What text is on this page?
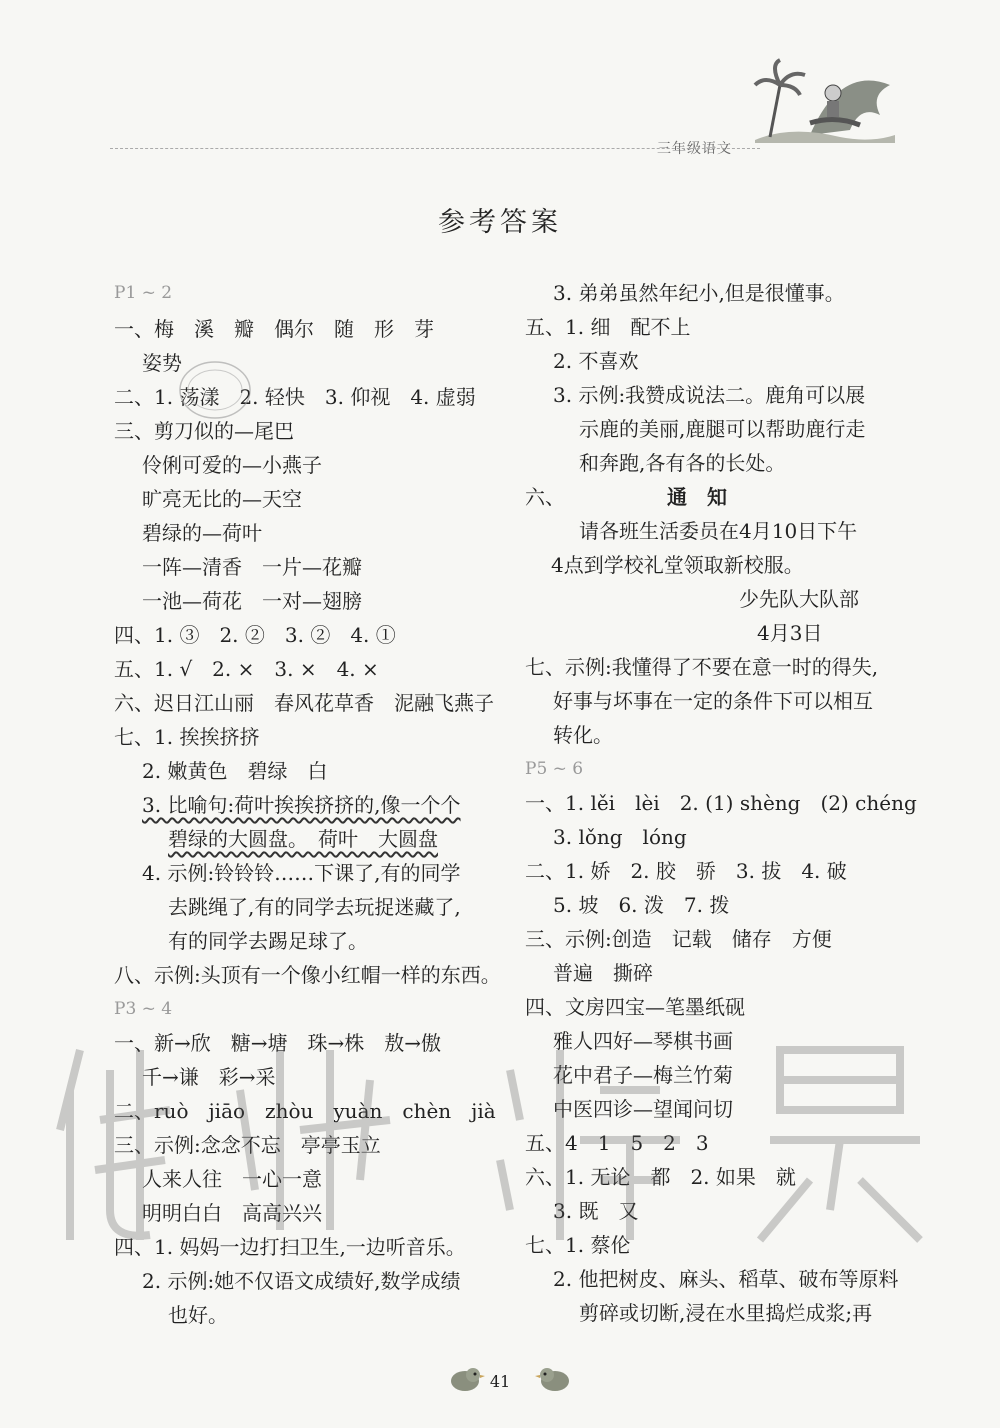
三年级语文
参考答案
P1 ~ 2
一、梅　溪　瓣　偶尔　随　形　芽
姿势
二、1. 荡漾　2. 轻快　3. 仰视　4. 虚弱
三、剪刀似的—尾巴
伶俐可爱的—小燕子
旷亮无比的—天空
碧绿的—荷叶
一阵—清香　一片—花瓣
一池—荷花　一对—翅膀
四、1. ③　2. ②　3. ②　4. ①
五、1. √　2. ×　3. ×　4. ×
六、迟日江山丽　春风花草香　泥融飞燕子
七、1. 挨挨挤挤
2. 嫩黄色　碧绿　白
3. 比喻句:荷叶挨挨挤挤的,像一个个
碧绿的大圆盘。　荷叶　大圆盘
4. 示例:铃铃铃……下课了,有的同学
去跳绳了,有的同学去玩捉迷藏了,
有的同学去踢足球了。
八、示例:头顶有一个像小红帽一样的东西。
P3 ~ 4
一、新→欣　糖→塘　珠→株　敖→傲
千→谦　彩→采
二、ruò　jiāo　zhòu　yuàn　chèn　jià
三、示例:念念不忘　亭亭玉立
人来人往　一心一意
明明白白　高高兴兴
四、1. 妈妈一边打扫卫生,一边听音乐。
2. 示例:她不仅语文成绩好,数学成绩
也好。
3. 弟弟虽然年纪小,但是很懂事。
五、1. 细　配不上
2. 不喜欢
3. 示例:我赞成说法二。鹿角可以展
示鹿的美丽,鹿腿可以帮助鹿行走
和奔跑,各有各的长处。
六、	通　知
请各班生活委员在4月10日下午
4点到学校礼堂领取新校服。
少先队大队部
4月3日
七、示例:我懂得了不要在意一时的得失,
好事与坏事在一定的条件下可以相互
转化。
P5 ~ 6
一、1. lěi　lèi　2. (1) shèng　(2) chéng
3. lǒng　lóng
二、1. 娇　2. 胶　骄　3. 拔　4. 破
5. 坡　6. 泼　7. 拨
三、示例:创造　记载　储存　方便
普遍　撕碎
四、文房四宝—笔墨纸砚
雅人四好—琴棋书画
花中君子—梅兰竹菊
中医四诊—望闻问切
五、4　1　5　2　3
六、1. 无论　都　2. 如果　就
3. 既　又
七、1. 蔡伦
2. 他把树皮、麻头、稻草、破布等原料
剪碎或切断,浸在水里捣烂成浆;再
41
